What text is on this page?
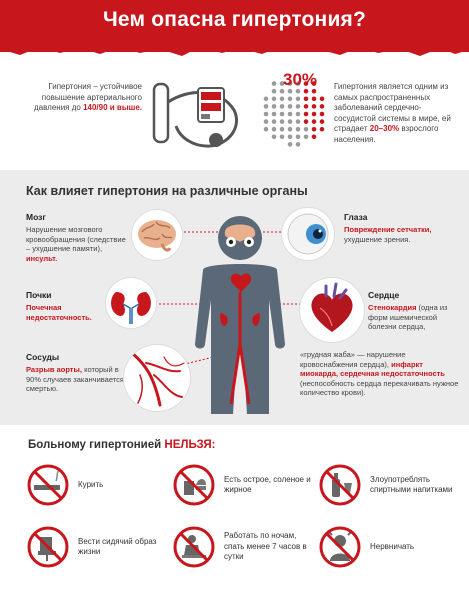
Чем опасна гипертония?
Гипертония – устойчивое повышение артериального давления до 140/90 и выше.
30% Гипертония является одним из самых распространенных заболеваний сердечно-сосудистой системы в мире, ей страдает 20–30% взрослого населения.
Как влияет гипертония на различные органы
Мозг
Нарушение мозгового кровообращения (следствие – ухудшение памяти), инсульт.
Почки
Почечная недостаточность.
Сосуды
Разрыв аорты, который в 90% случаев заканчивается смертью.
Глаза
Повреждение сетчатки, ухудшение зрения.
Сердце
Стенокардия (одна из форм ишемической болезни сердца,
«грудная жаба» — нарушение кровоснабжения сердца), инфаркт миокарда, сердечная недостаточность (неспособность сердца перекачивать нужное количество крови).
Больному гипертонией НЕЛЬЗЯ:
Курить
Есть острое, соленое и жирное
Злоупотреблять спиртными напитками
Вести сидячий образ жизни
Работать по ночам, спать менее 7 часов в сутки
Нервничать
